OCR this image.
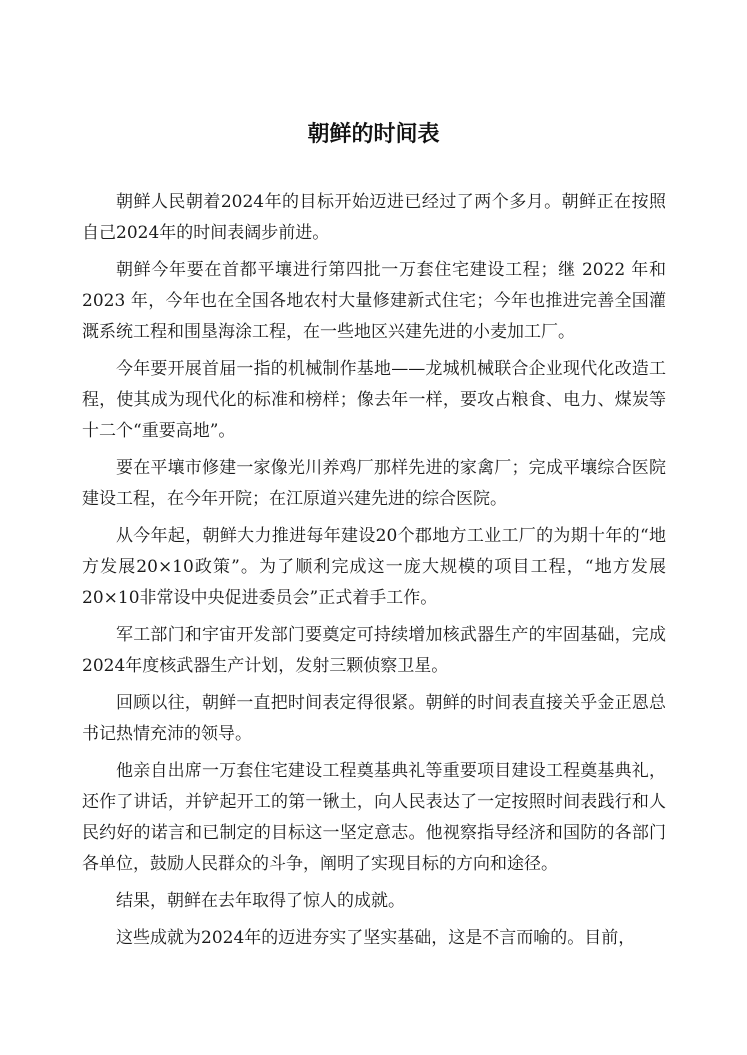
朝鲜的时间表

朝鲜人民朝着2024年的目标开始迈进已经过了两个多月。朝鲜正在按照自己2024年的时间表阔步前进。

朝鲜今年要在首都平壤进行第四批一万套住宅建设工程；继 2022 年和 2023 年，今年也在全国各地农村大量修建新式住宅；今年也推进完善全国灌溉系统工程和围垦海涂工程，在一些地区兴建先进的小麦加工厂。

今年要开展首届一指的机械制作基地——龙城机械联合企业现代化改造工程，使其成为现代化的标准和榜样；像去年一样，要攻占粮食、电力、煤炭等十二个“重要高地”。

要在平壤市修建一家像光川养鸡厂那样先进的家禽厂；完成平壤综合医院建设工程，在今年开院；在江原道兴建先进的综合医院。

从今年起，朝鲜大力推进每年建设20个郡地方工业工厂的为期十年的“地方发展20×10政策”。为了顺利完成这一庞大规模的项目工程，“地方发展20×10非常设中央促进委员会”正式着手工作。

军工部门和宇宙开发部门要奠定可持续增加核武器生产的牢固基础，完成2024年度核武器生产计划，发射三颗侦察卫星。

回顾以往，朝鲜一直把时间表定得很紧。朝鲜的时间表直接关乎金正恩总书记热情充沛的领导。

他亲自出席一万套住宅建设工程奠基典礼等重要项目建设工程奠基典礼，还作了讲话，并铲起开工的第一锹土，向人民表达了一定按照时间表践行和人民约好的诺言和已制定的目标这一坚定意志。他视察指导经济和国防的各部门各单位，鼓励人民群众的斗争，阐明了实现目标的方向和途径。

结果，朝鲜在去年取得了惊人的成就。

这些成就为2024年的迈进夯实了坚实基础，这是不言而喻的。目前，
